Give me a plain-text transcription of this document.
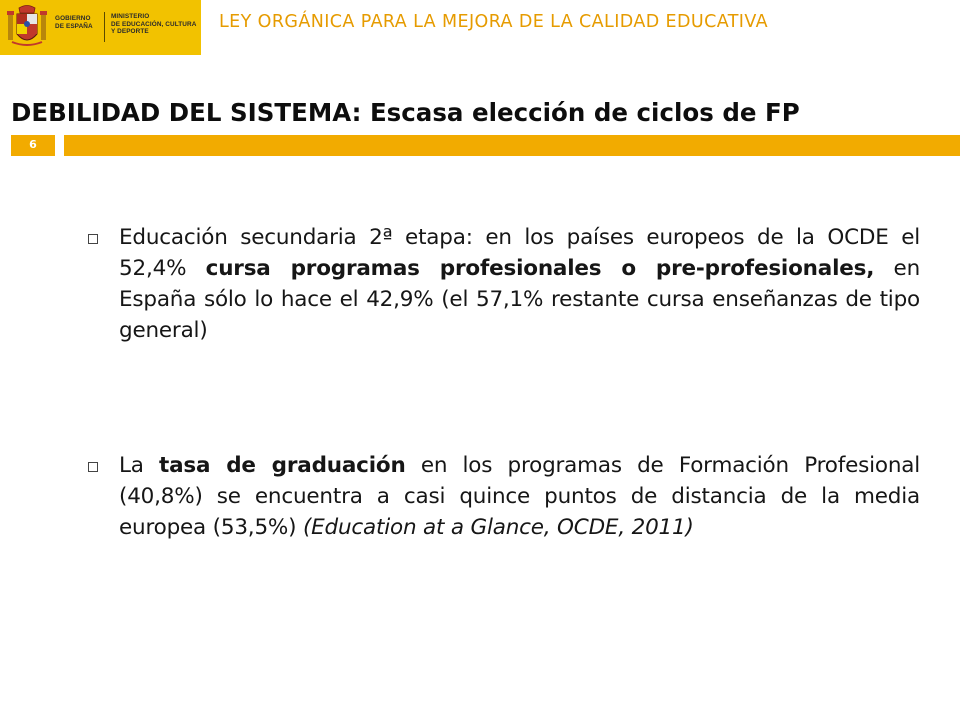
GOBIERNO
DE ESPAÑA
MINISTERIO
DE EDUCACIÓN, CULTURA
Y DEPORTE	LEY ORGÁNICA PARA LA MEJORA DE LA CALIDAD EDUCATIVA
DEBILIDAD DEL SISTEMA: Escasa elección de ciclos de FP
6
Educación secundaria 2ª etapa: en los países europeos de la OCDE el 52,4% cursa programas profesionales o pre-profesionales, en España sólo lo hace el 42,9% (el 57,1% restante cursa enseñanzas de tipo general)
La tasa de graduación en los programas de Formación Profesional (40,8%) se encuentra a casi quince puntos de distancia de la media europea (53,5%) (Education at a Glance, OCDE, 2011)
